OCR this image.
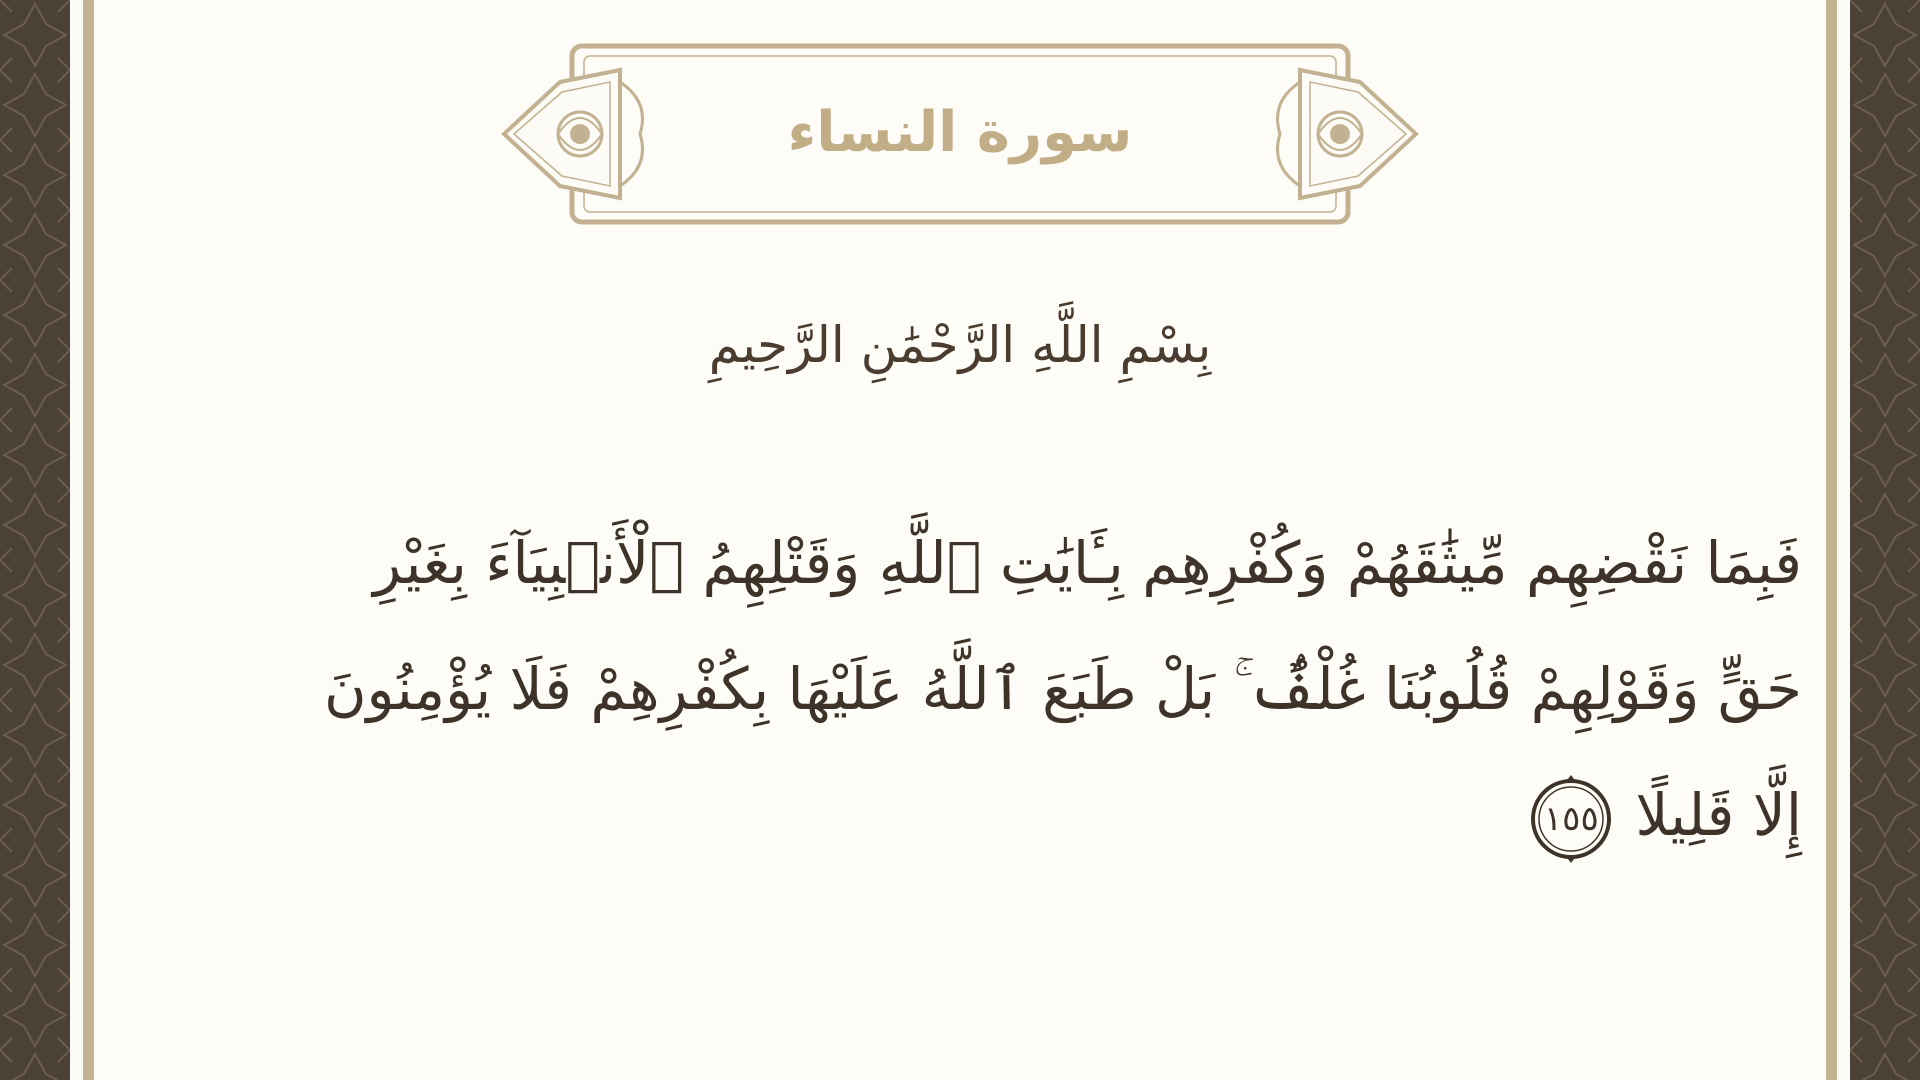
سورة النساء
بِسْمِ اللَّهِ الرَّحْمَٰنِ الرَّحِيمِ
فَبِمَا نَقْضِهِم مِّيثَٰقَهُمْ وَكُفْرِهِم بِـَٔايَٰتِ ٱللَّهِ وَقَتْلِهِمُ ٱلْأَنۢبِيَآءَ بِغَيْرِ
حَقٍّ وَقَوْلِهِمْ قُلُوبُنَا غُلْفٌۢ ۚ بَلْ طَبَعَ ٱللَّهُ عَلَيْهَا بِكُفْرِهِمْ فَلَا يُؤْمِنُونَ
إِلَّا قَلِيلًا
١٥٥
